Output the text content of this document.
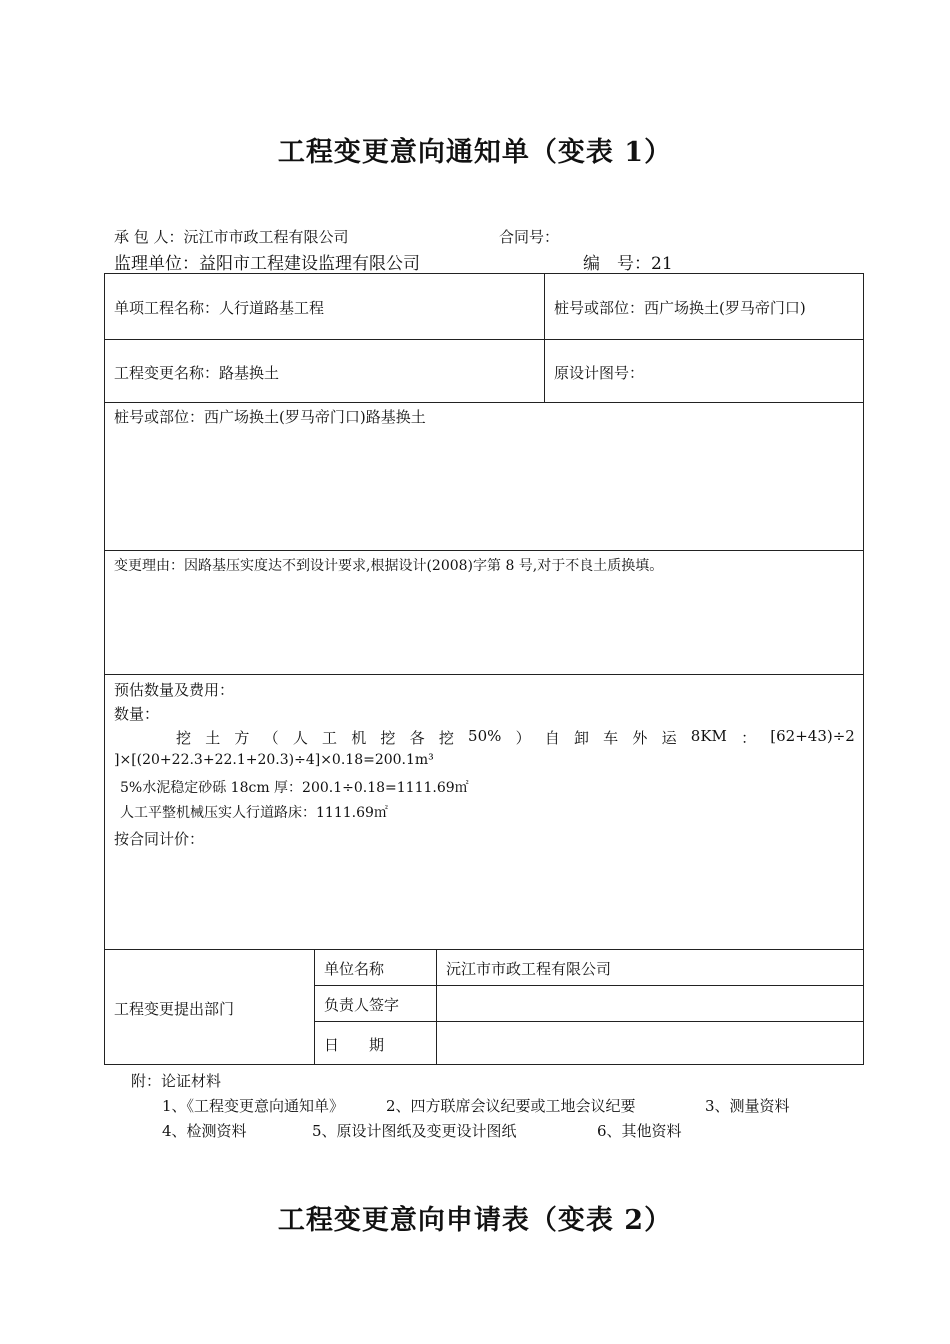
工程变更意向通知单（变表 1）
承 包 人：沅江市市政工程有限公司	合同号：
监理单位：益阳市工程建设监理有限公司	编　号：21
单项工程名称：人行道路基工程	桩号或部位：西广场换土(罗马帝门口)
工程变更名称：路基换土	原设计图号：
桩号或部位：西广场换土(罗马帝门口)路基换土
变更理由：因路基压实度达不到设计要求,根据设计(2008)字第 8 号,对于不良土质换填。
预估数量及费用：
数量：
挖 土 方 （ 人 工 机 挖 各 挖 50% ） 自 卸 车 外 运 8KM ： [62+43)÷2
]×[(20+22.3+22.1+20.3)÷4]×0.18=200.1m³
5%水泥稳定砂砾 18cm 厚：200.1÷0.18=1111.69㎡
人工平整机械压实人行道路床：1111.69㎡
按合同计价：
工程变更提出部门
单位名称	沅江市市政工程有限公司
负责人签字
日　　期
附：论证材料
1、《工程变更意向通知单》	2、四方联席会议纪要或工地会议纪要	3、测量资料
4、检测资料	5、原设计图纸及变更设计图纸	6、其他资料
工程变更意向申请表（变表 2）
